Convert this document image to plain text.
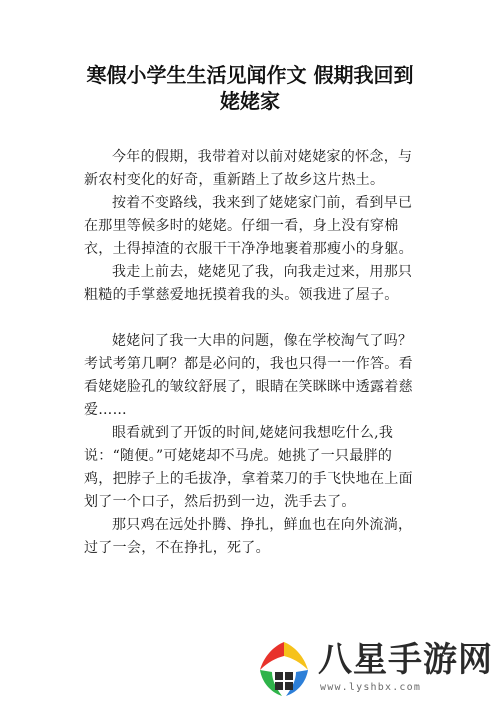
寒假小学生生活见闻作文 假期我回到
姥姥家

今年的假期，我带着对以前对姥姥家的怀念，与新农村变化的好奇，重新踏上了故乡这片热土。

按着不变路线，我来到了姥姥家门前，看到早已在那里等候多时的姥姥。仔细一看，身上没有穿棉衣，土得掉渣的衣服干干净净地裹着那瘦小的身躯。

我走上前去，姥姥见了我，向我走过来，用那只粗糙的手掌慈爱地抚摸着我的头。领我进了屋子。

姥姥问了我一大串的问题，像在学校淘气了吗？考试考第几啊？都是必问的，我也只得一一作答。看看姥姥脸孔的皱纹舒展了，眼睛在笑眯眯中透露着慈爱……

眼看就到了开饭的时间,姥姥问我想吃什么,我说：“随便。”可姥姥却不马虎。她挑了一只最胖的鸡，把脖子上的毛拔净，拿着菜刀的手飞快地在上面划了一个口子，然后扔到一边，洗手去了。

那只鸡在远处扑腾、挣扎，鲜血也在向外流淌，过了一会，不在挣扎，死了。

八星手游网
www.lyshbx.com
